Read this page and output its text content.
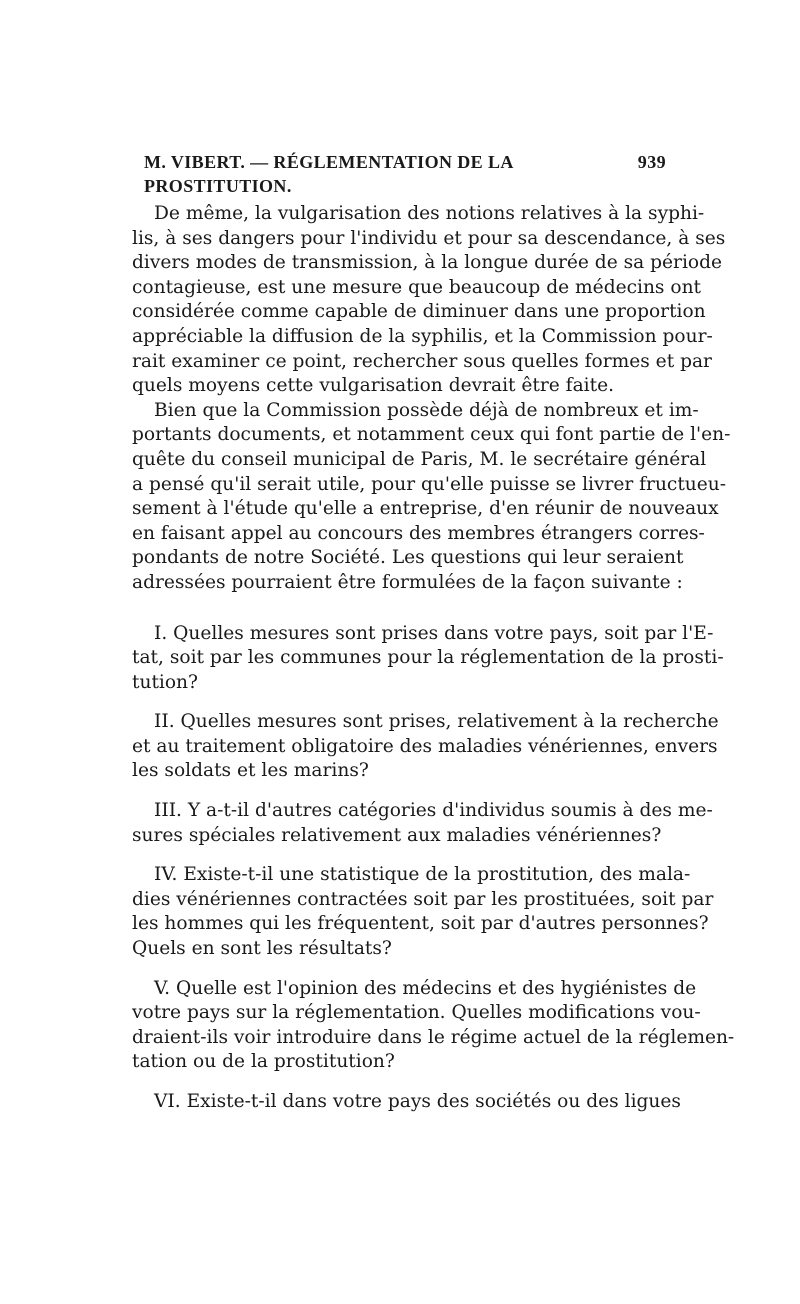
M. VIBERT. — RÉGLEMENTATION DE LA PROSTITUTION.
939

De même, la vulgarisation des notions relatives à la syphi-
lis, à ses dangers pour l'individu et pour sa descendance, à ses
divers modes de transmission, à la longue durée de sa période
contagieuse, est une mesure que beaucoup de médecins ont
considérée comme capable de diminuer dans une proportion
appréciable la diffusion de la syphilis, et la Commission pour-
rait examiner ce point, rechercher sous quelles formes et par
quels moyens cette vulgarisation devrait être faite.

Bien que la Commission possède déjà de nombreux et im-
portants documents, et notamment ceux qui font partie de l'en-
quête du conseil municipal de Paris, M. le secrétaire général
a pensé qu'il serait utile, pour qu'elle puisse se livrer fructueu-
sement à l'étude qu'elle a entreprise, d'en réunir de nouveaux
en faisant appel au concours des membres étrangers corres-
pondants de notre Société. Les questions qui leur seraient
adressées pourraient être formulées de la façon suivante :

I. Quelles mesures sont prises dans votre pays, soit par l'E-
tat, soit par les communes pour la réglementation de la prosti-
tution?

II. Quelles mesures sont prises, relativement à la recherche
et au traitement obligatoire des maladies vénériennes, envers
les soldats et les marins?

III. Y a-t-il d'autres catégories d'individus soumis à des me-
sures spéciales relativement aux maladies vénériennes?

IV. Existe-t-il une statistique de la prostitution, des mala-
dies vénériennes contractées soit par les prostituées, soit par
les hommes qui les fréquentent, soit par d'autres personnes?
Quels en sont les résultats?

V. Quelle est l'opinion des médecins et des hygiénistes de
votre pays sur la réglementation. Quelles modifications vou-
draient-ils voir introduire dans le régime actuel de la réglemen-
tation ou de la prostitution?

VI. Existe-t-il dans votre pays des sociétés ou des ligues
